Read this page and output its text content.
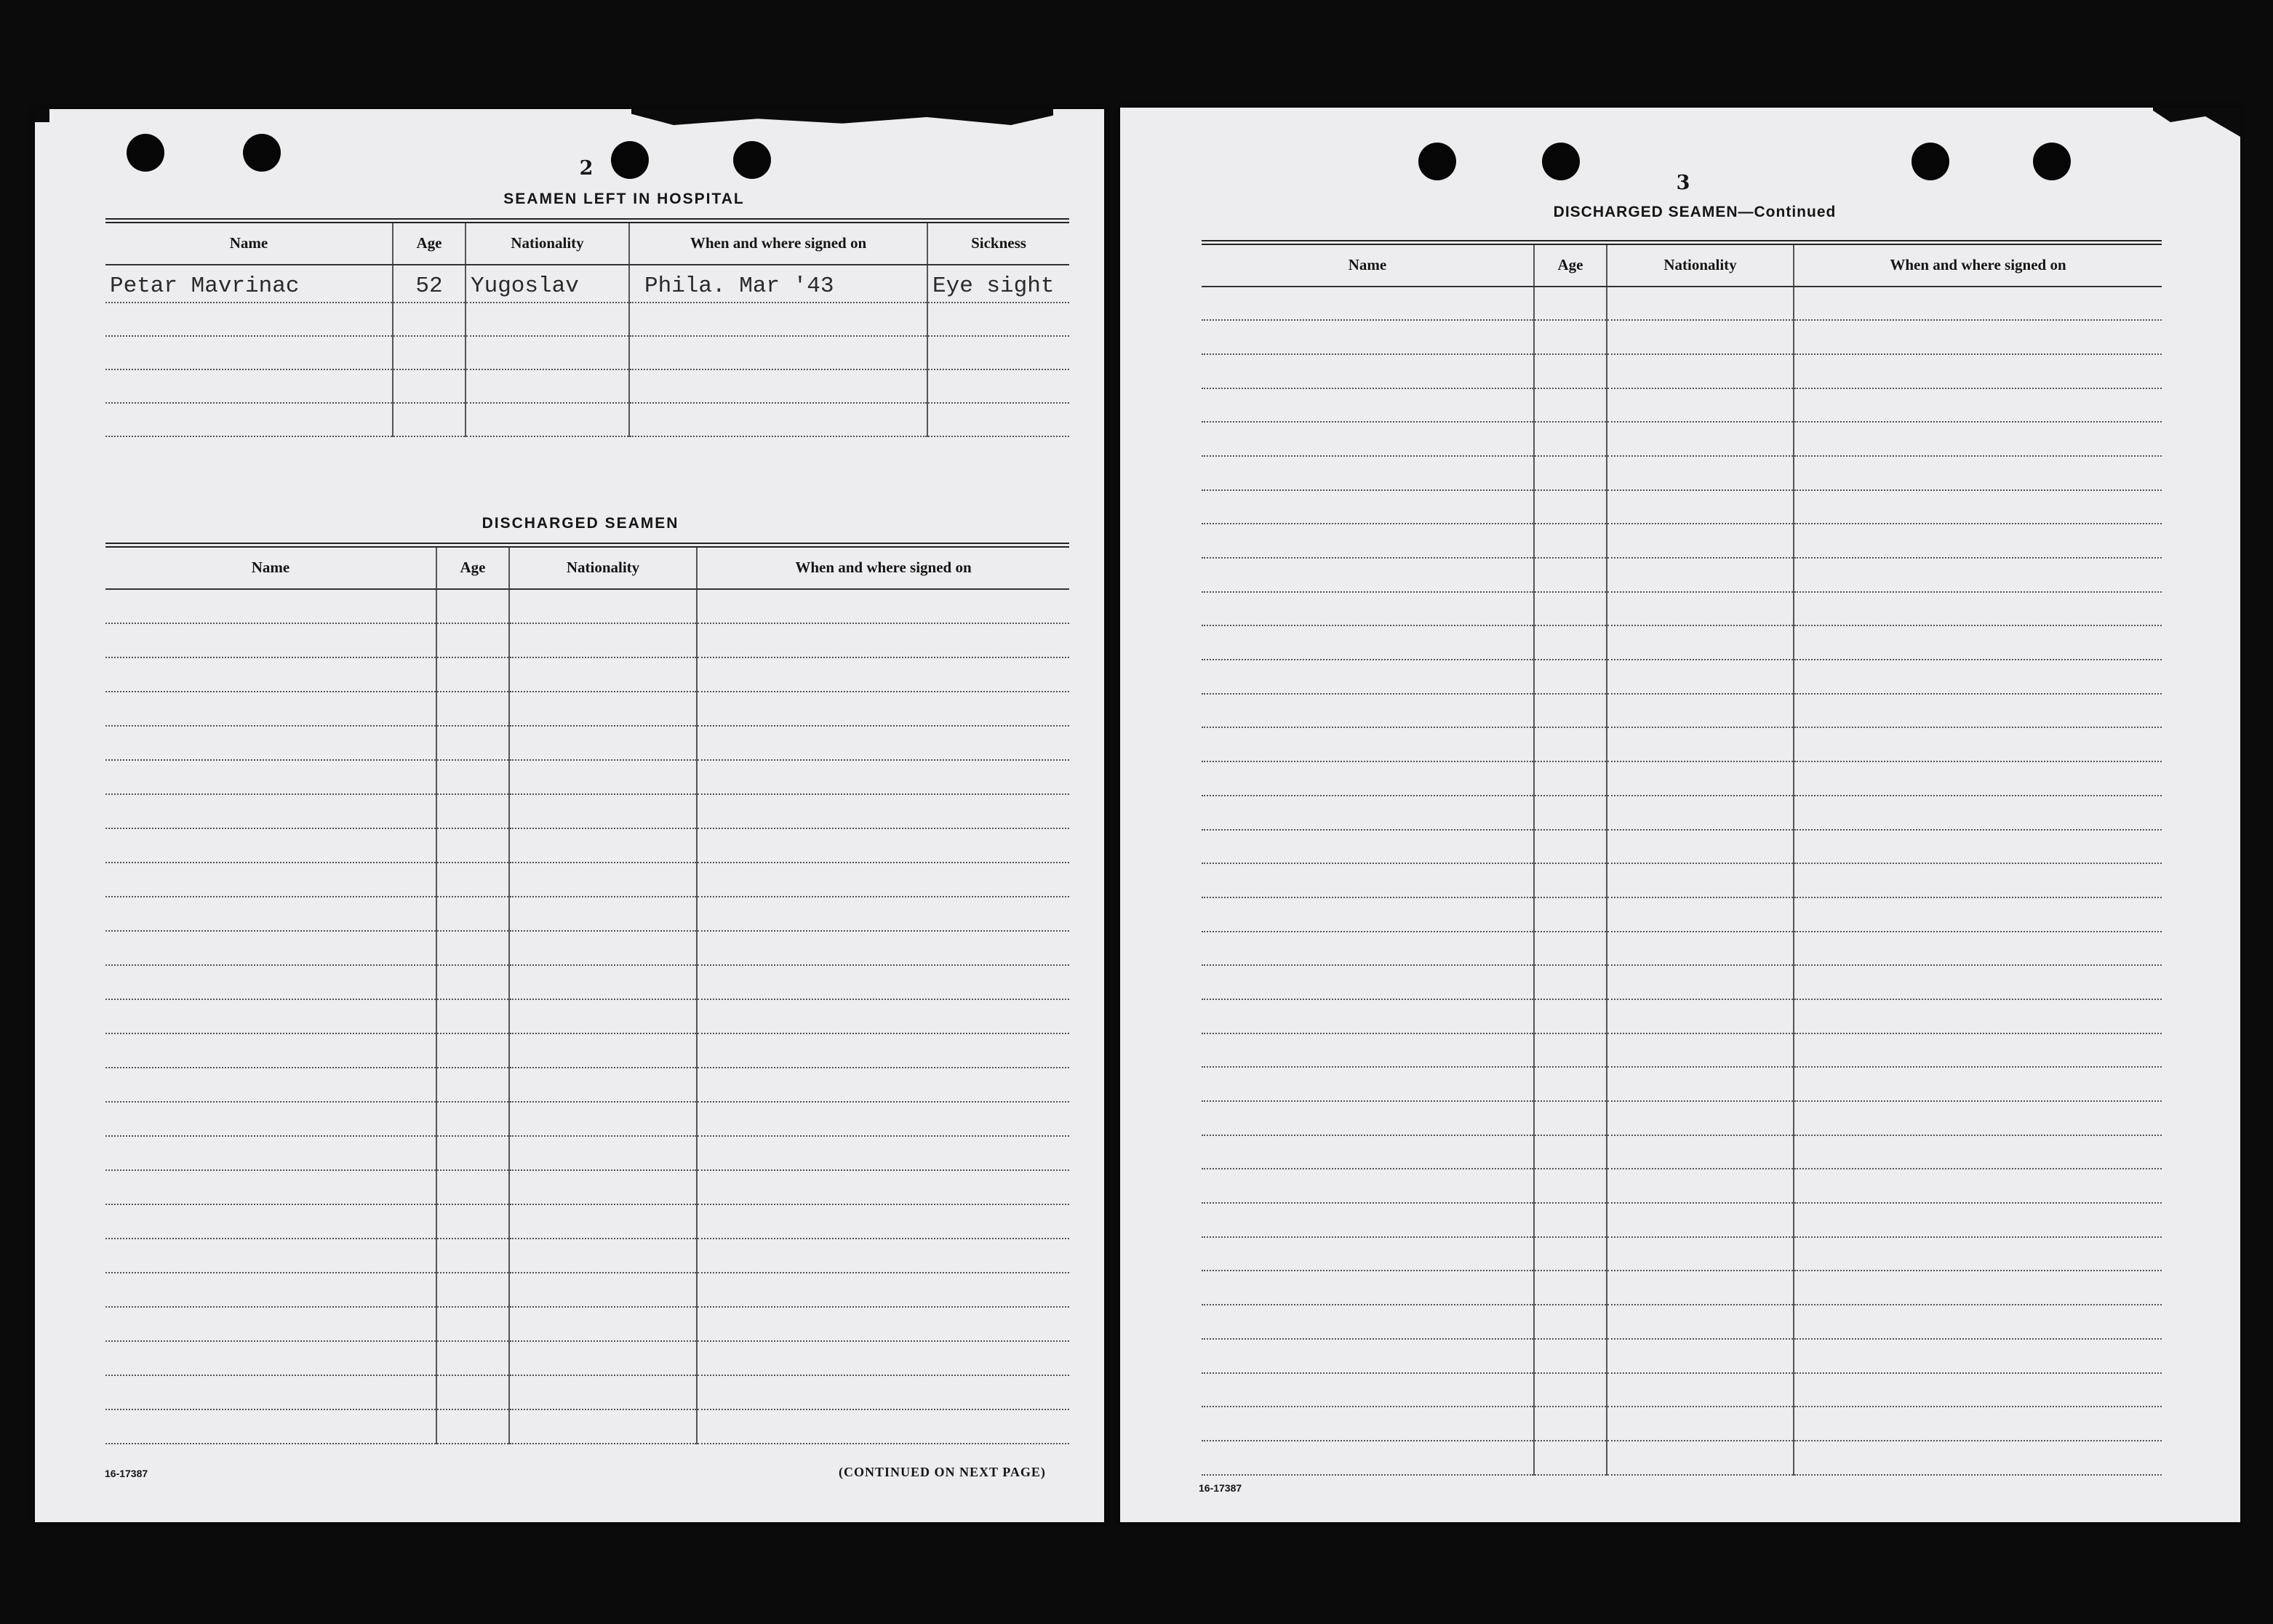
2
SEAMEN LEFT IN HOSPITAL
Name	Age	Nationality	When and where signed on	Sickness
Petar Mavrinac	52	Yugoslav	Phila. Mar '43	Eye sight

DISCHARGED SEAMEN
Name	Age	Nationality	When and where signed on

16-17387	(CONTINUED ON NEXT PAGE)
3
DISCHARGED SEAMEN—Continued
Name	Age	Nationality	When and where signed on

16-17387
